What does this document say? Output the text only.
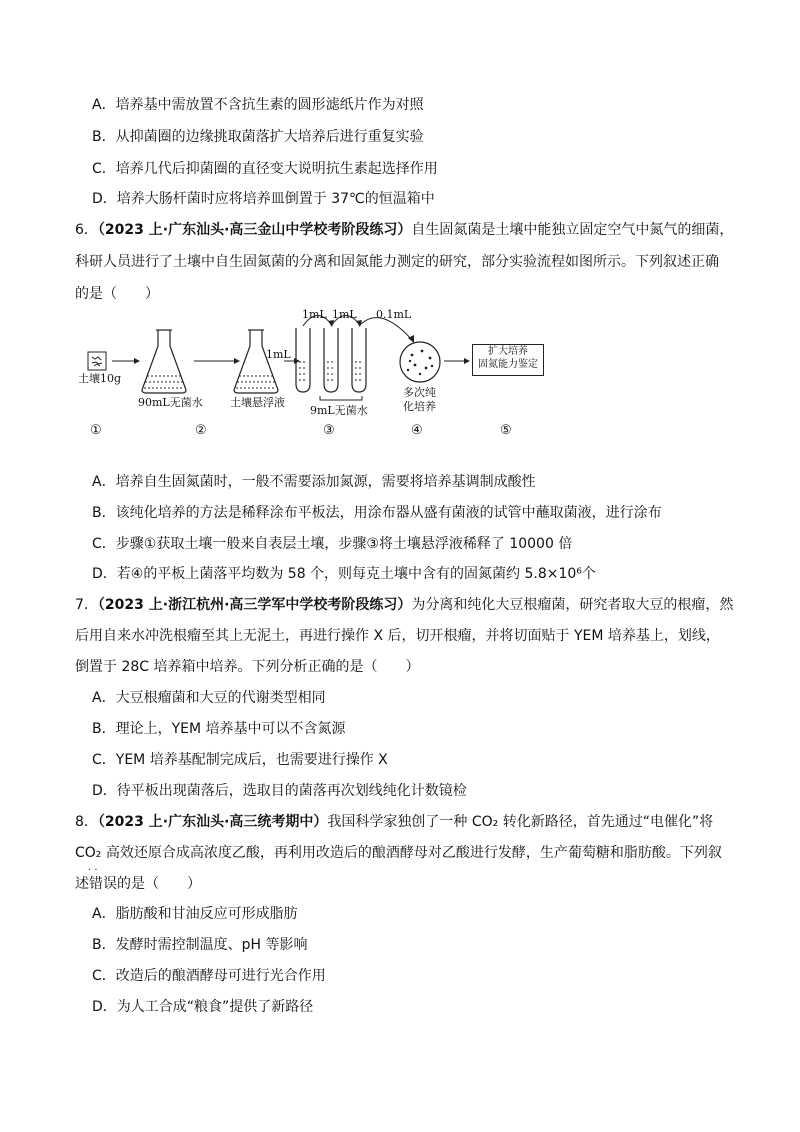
A．培养基中需放置不含抗生素的圆形滤纸片作为对照
B．从抑菌圈的边缘挑取菌落扩大培养后进行重复实验
C．培养几代后抑菌圈的直径变大说明抗生素起选择作用
D．培养大肠杆菌时应将培养皿倒置于 37℃的恒温箱中
6．（2023 上·广东汕头·高三金山中学校考阶段练习）自生固氮菌是土壤中能独立固定空气中氮气的细菌，
科研人员进行了土壤中自生固氮菌的分离和固氮能力测定的研究，部分实验流程如图所示。下列叙述正确
的是（　　）
土壤10g
90mL无菌水 土壤悬浮液
1mL
1mL 1mL 0.1mL
9mL无菌水
多次纯
化培养
扩大培养
固氮能力鉴定
①	②	③	④	⑤
A．培养自生固氮菌时，一般不需要添加氮源，需要将培养基调制成酸性
B．该纯化培养的方法是稀释涂布平板法，用涂布器从盛有菌液的试管中蘸取菌液，进行涂布
C．步骤①获取土壤一般来自表层土壤，步骤③将土壤悬浮液稀释了 10000 倍
D．若④的平板上菌落平均数为 58 个，则每克土壤中含有的固氮菌约 5.8×10⁶个
7．（2023 上·浙江杭州·高三学军中学校考阶段练习）为分离和纯化大豆根瘤菌，研究者取大豆的根瘤，然
后用自来水冲洗根瘤至其上无泥土，再进行操作 X 后，切开根瘤，并将切面贴于 YEM 培养基上，划线，
倒置于 28C 培养箱中培养。下列分析正确的是（　　）
A．大豆根瘤菌和大豆的代谢类型相同
B．理论上，YEM 培养基中可以不含氮源
C．YEM 培养基配制完成后，也需要进行操作 X
D．待平板出现菌落后，选取目的菌落再次划线纯化计数镜检
8．（2023 上·广东汕头·高三统考期中）我国科学家独创了一种 CO₂ 转化新路径，首先通过“电催化”将
CO₂ 高效还原合成高浓度乙酸，再利用改造后的酿酒酵母对乙酸进行发酵，生产葡萄糖和脂肪酸。下列叙
· ·
述错误的是（　　）
A．脂肪酸和甘油反应可形成脂肪
B．发酵时需控制温度、pH 等影响
C．改造后的酿酒酵母可进行光合作用
D．为人工合成“粮食”提供了新路径
